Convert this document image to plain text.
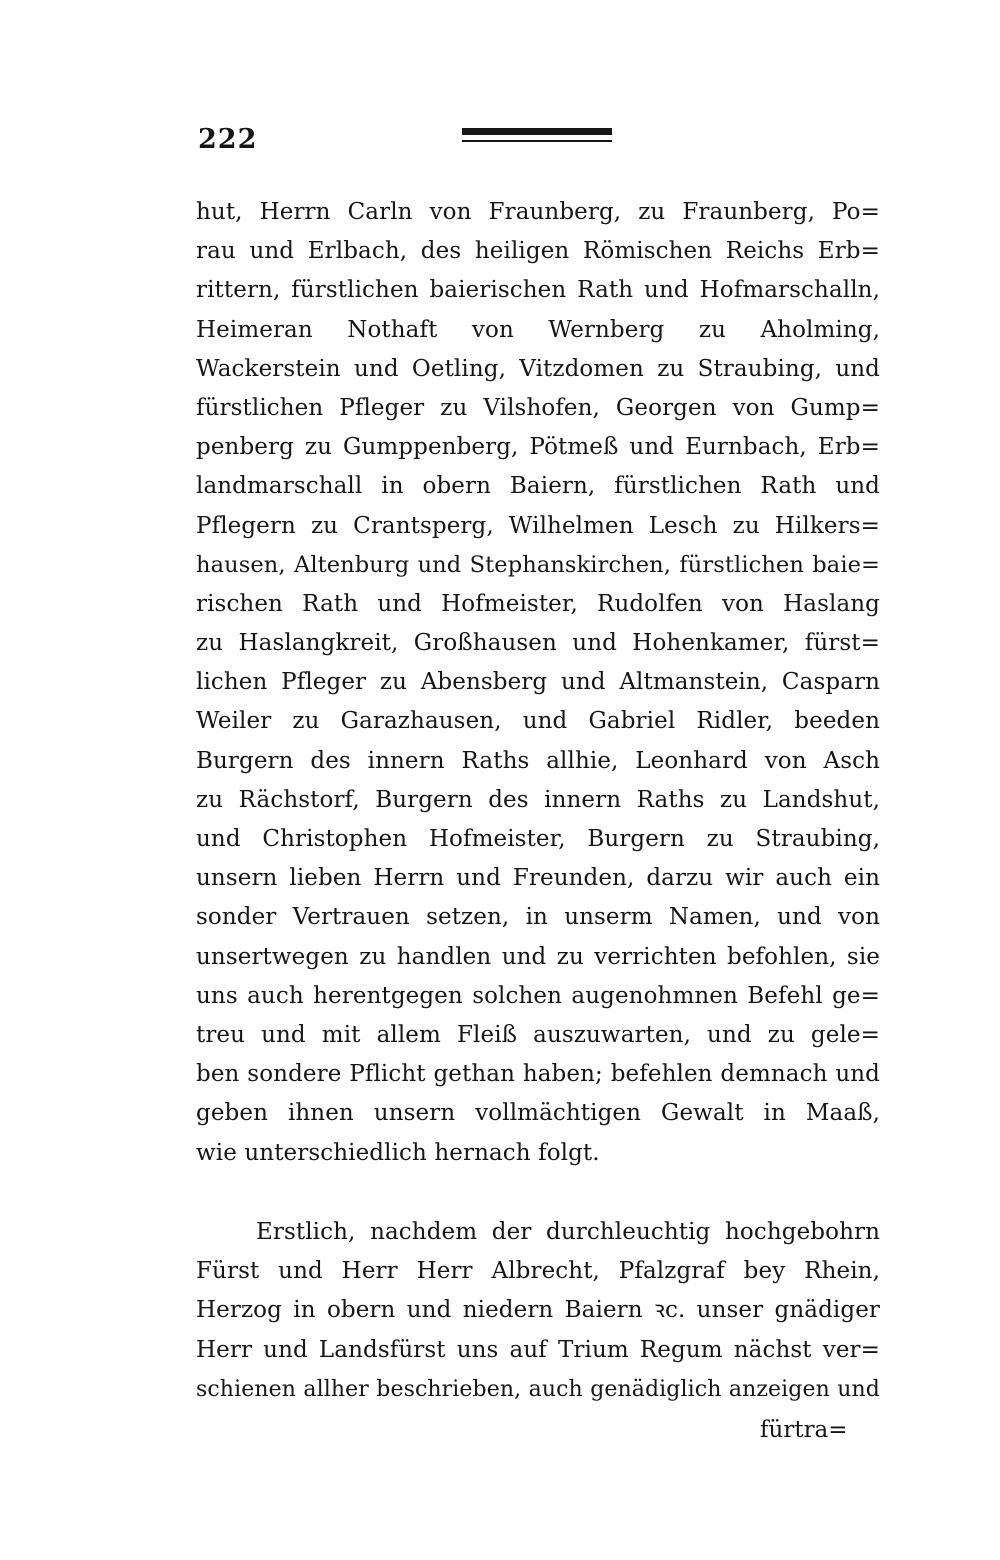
222
hut, Herrn Carln von Fraunberg, zu Fraunberg, Po=
rau und Erlbach, des heiligen Römischen Reichs Erb=
rittern, fürstlichen baierischen Rath und Hofmarschalln,
Heimeran Nothaft von Wernberg zu Aholming,
Wackerstein und Oetling, Vitzdomen zu Straubing, und
fürstlichen Pfleger zu Vilshofen, Georgen von Gump=
penberg zu Gumppenberg, Pötmeß und Eurnbach, Erb=
landmarschall in obern Baiern, fürstlichen Rath und
Pflegern zu Crantsperg, Wilhelmen Lesch zu Hilkers=
hausen, Altenburg und Stephanskirchen, fürstlichen baie=
rischen Rath und Hofmeister, Rudolfen von Haslang
zu Haslangkreit, Großhausen und Hohenkamer, fürst=
lichen Pfleger zu Abensberg und Altmanstein, Casparn
Weiler zu Garazhausen, und Gabriel Ridler, beeden
Burgern des innern Raths allhie, Leonhard von Asch
zu Rächstorf, Burgern des innern Raths zu Landshut,
und Christophen Hofmeister, Burgern zu Straubing,
unsern lieben Herrn und Freunden, darzu wir auch ein
sonder Vertrauen setzen, in unserm Namen, und von
unsertwegen zu handlen und zu verrichten befohlen, sie
uns auch herentgegen solchen augenohmnen Befehl ge=
treu und mit allem Fleiß auszuwarten, und zu gele=
ben sondere Pflicht gethan haben; befehlen demnach und
geben ihnen unsern vollmächtigen Gewalt in Maaß,
wie unterschiedlich hernach folgt.
Erstlich, nachdem der durchleuchtig hochgebohrn
Fürst und Herr Herr Albrecht, Pfalzgraf bey Rhein,
Herzog in obern und niedern Baiern ꝛc. unser gnädiger
Herr und Landsfürst uns auf Trium Regum nächst ver=
schienen allher beschrieben, auch genädiglich anzeigen und
fürtra=
